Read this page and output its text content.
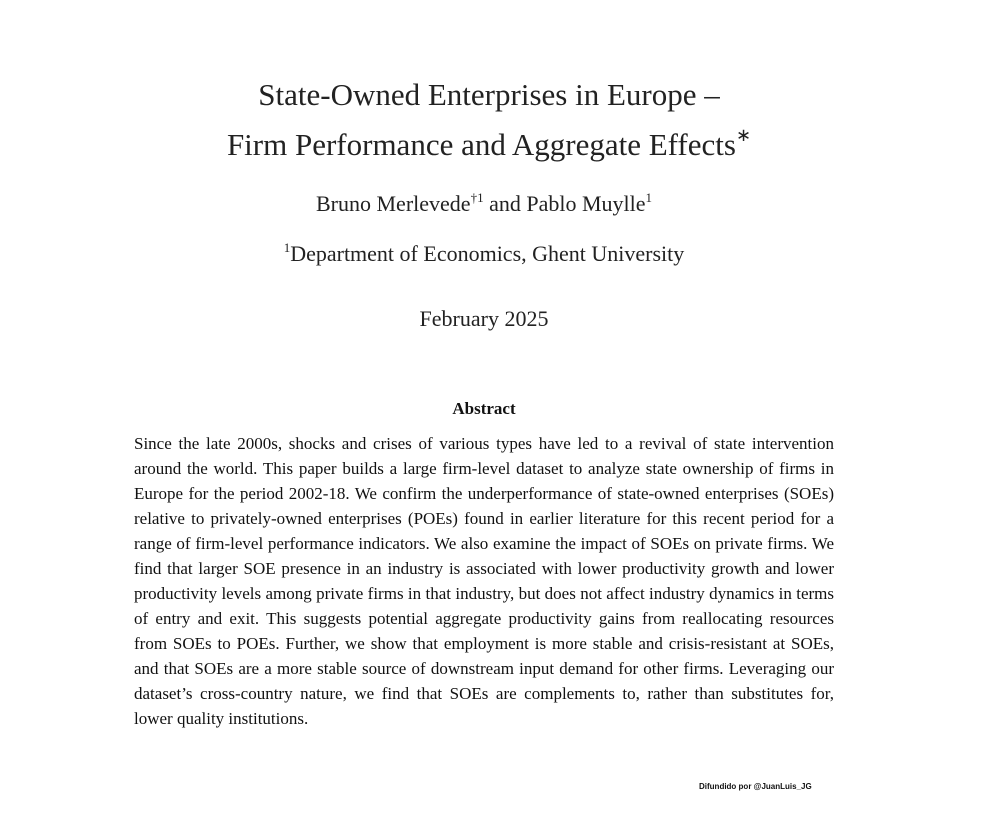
State-Owned Enterprises in Europe –
Firm Performance and Aggregate Effects∗
Bruno Merlevede$^{\dagger 1}$ and Pablo Muylle$^1$
$^1$Department of Economics, Ghent University
February 2025
Abstract

Since the late 2000s, shocks and crises of various types have led to a revival of state intervention around the world. This paper builds a large firm-level dataset to analyze state ownership of firms in Europe for the period 2002-18. We confirm the underperformance of state-owned enterprises (SOEs) relative to privately-owned enterprises (POEs) found in earlier literature for this recent period for a range of firm-level performance indicators. We also examine the impact of SOEs on private firms. We find that larger SOE presence in an industry is associated with lower productivity growth and lower productivity levels among private firms in that industry, but does not affect industry dynamics in terms of entry and exit. This suggests potential aggregate productivity gains from reallocating resources from SOEs to POEs. Further, we show that employment is more stable and crisis-resistant at SOEs, and that SOEs are a more stable source of downstream input demand for other firms. Leveraging our dataset’s cross-country nature, we find that SOEs are complements to, rather than substitutes for, lower quality institutions.

Difundido por @JuanLuis_JG
